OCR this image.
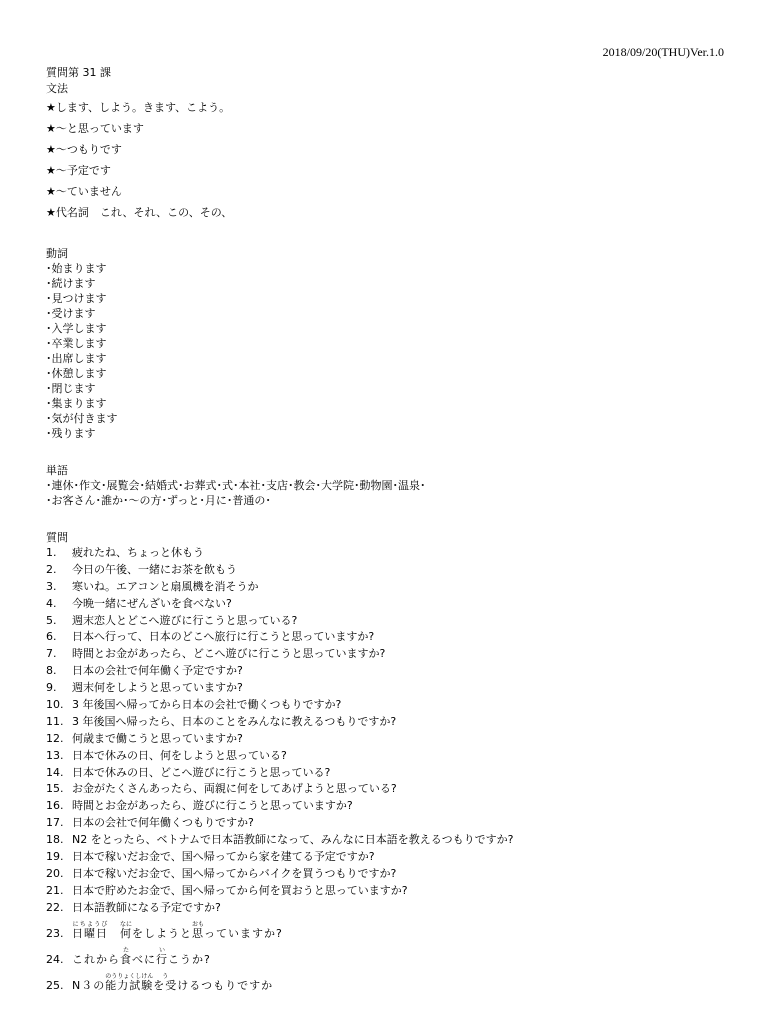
2018/09/20(THU)Ver.1.0
質問第 31 課
文法
★します、しよう。きます、こよう。
★～と思っています
★～つもりです
★～予定です
★～ていません
★代名詞　これ、それ、この、その、
動詞
･始まります
･続けます
･見つけます
･受けます
･入学します
･卒業します
･出席します
･休憩します
･閉じます
･集まります
･気が付きます
･残ります
単語
･連休･作文･展覧会･結婚式･お葬式･式･本社･支店･教会･大学院･動物園･温泉･
･お客さん･誰か･～の方･ずっと･月に･普通の･
質問
1.	疲れたね、ちょっと休もう
2.	今日の午後、一緒にお茶を飲もう
3.	寒いね。エアコンと扇風機を消そうか
4.	今晩一緒にぜんざいを食べない?
5.	週末恋人とどこへ遊びに行こうと思っている?
6.	日本へ行って、日本のどこへ旅行に行こうと思っていますか?
7.	時間とお金があったら、どこへ遊びに行こうと思っていますか?
8.	日本の会社で何年働く予定ですか?
9.	週末何をしようと思っていますか?
10. 3 年後国へ帰ってから日本の会社で働くつもりですか?
11. 3 年後国へ帰ったら、日本のことをみんなに教えるつもりですか?
12. 何歳まで働こうと思っていますか?
13. 日本で休みの日、何をしようと思っている?
14. 日本で休みの日、どこへ遊びに行こうと思っている?
15. お金がたくさんあったら、両親に何をしてあげようと思っている?
16. 時間とお金があったら、遊びに行こうと思っていますか?
17. 日本の会社で何年働くつもりですか?
18. N2 をとったら、ベトナムで日本語教師になって、みんなに日本語を教えるつもりですか?
19. 日本で稼いだお金で、国へ帰ってから家を建てる予定ですか?
20. 日本で稼いだお金で、国へ帰ってからバイクを買うつもりですか?
21. 日本で貯めたお金で、国へ帰ってから何を買おうと思っていますか?
22. 日本語教師になる予定ですか?
23. 日曜日にちようび　何なにをしようと思おもっていますか?
24. これから食たべに行いこうか?
25. N３の能力試験のうりょくしけんを受うけるつもりですか
